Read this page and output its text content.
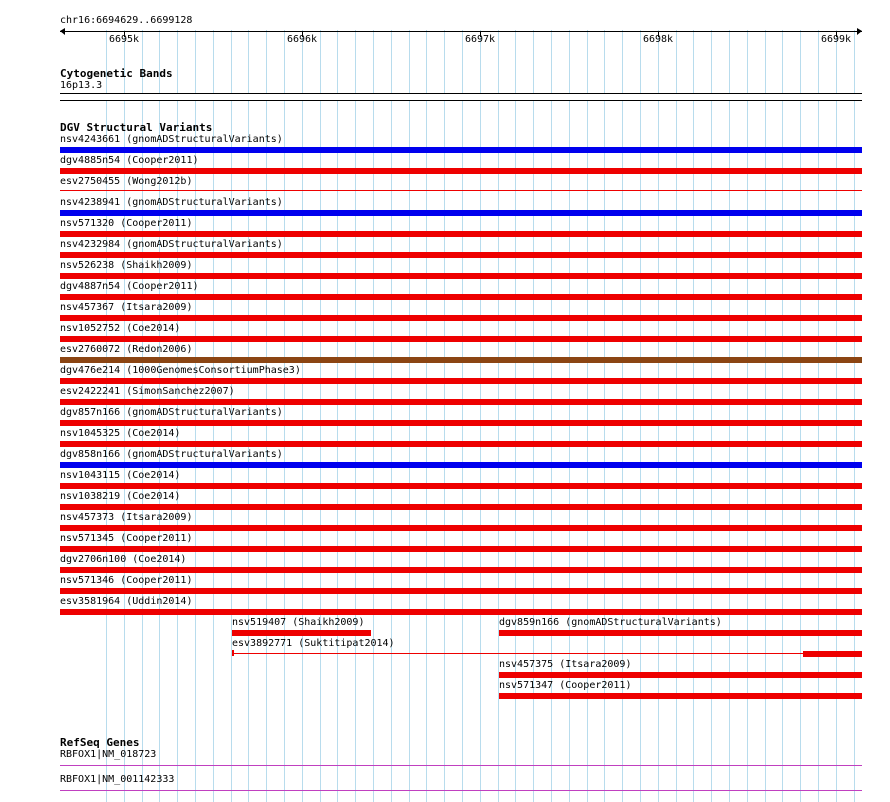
chr16:6694629..6699128
6695k	6696k	6697k	6698k	6699k
Cytogenetic Bands
16p13.3
DGV Structural Variants
nsv4243661 (gnomADStructuralVariants)
dgv4885n54 (Cooper2011)
esv2750455 (Wong2012b)
nsv4238941 (gnomADStructuralVariants)
nsv571320 (Cooper2011)
nsv4232984 (gnomADStructuralVariants)
nsv526238 (Shaikh2009)
dgv4887n54 (Cooper2011)
nsv457367 (Itsara2009)
nsv1052752 (Coe2014)
esv2760072 (Redon2006)
dgv476e214 (1000GenomesConsortiumPhase3)
esv2422241 (SimonSanchez2007)
dgv857n166 (gnomADStructuralVariants)
nsv1045325 (Coe2014)
dgv858n166 (gnomADStructuralVariants)
nsv1043115 (Coe2014)
nsv1038219 (Coe2014)
nsv457373 (Itsara2009)
nsv571345 (Cooper2011)
dgv2706n100 (Coe2014)
nsv571346 (Cooper2011)
esv3581964 (Uddin2014)
nsv519407 (Shaikh2009)	dgv859n166 (gnomADStructuralVariants)
esv3892771 (Suktitipat2014)
nsv457375 (Itsara2009)
nsv571347 (Cooper2011)
RefSeq Genes
RBFOX1|NM_018723
RBFOX1|NM_001142333
